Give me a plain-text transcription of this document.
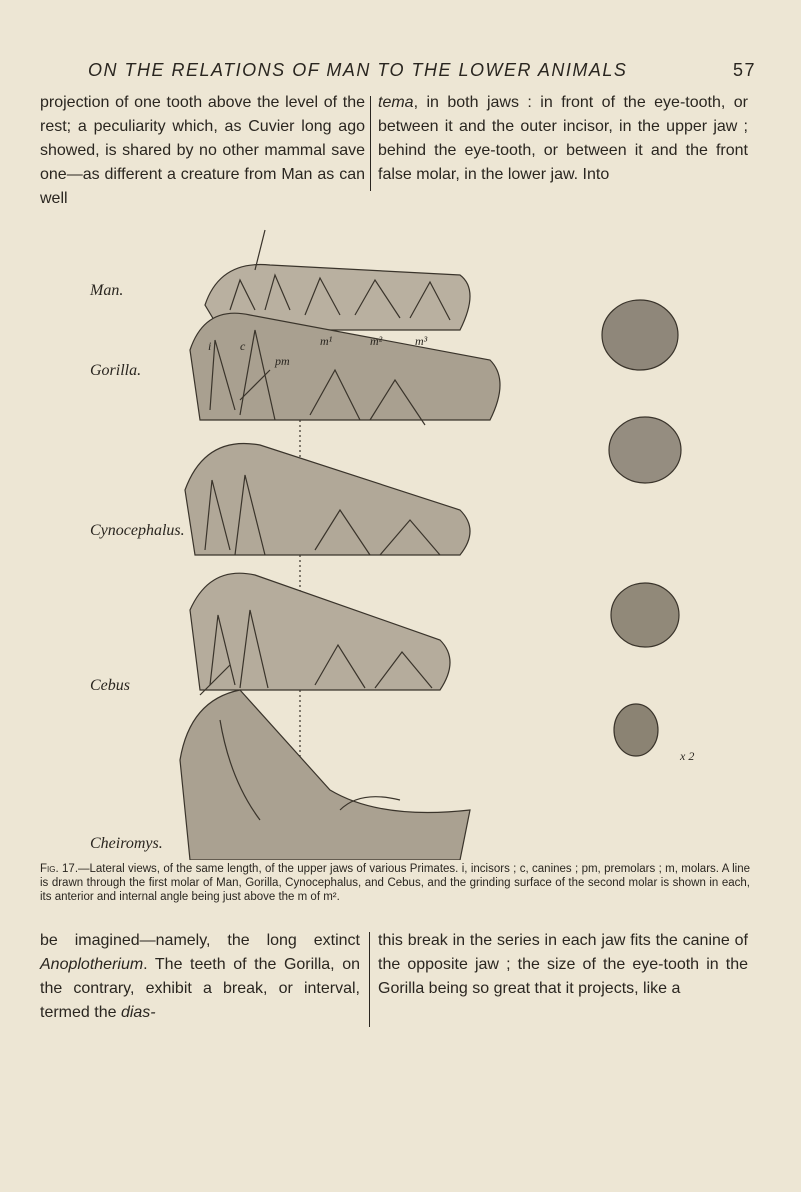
ON THE RELATIONS OF MAN TO THE LOWER ANIMALS	57
projection of one tooth above the level of the rest; a peculiarity which, as Cuvier long ago showed, is shared by no other mammal save one—as different a creature from Man as can well
tema, in both jaws : in front of the eye-tooth, or between it and the outer incisor, in the upper jaw ; behind the eye-tooth, or between it and the front false molar, in the lower jaw. Into
Man.
Gorilla.
Cynocephalus.
Cebus
Cheiromys.
i c
pm
m¹	m²	m³
x 2
Fig. 17.—Lateral views, of the same length, of the upper jaws of various Primates. i, incisors ; c, canines ; pm, premolars ; m, molars. A line is drawn through the first molar of Man, Gorilla, Cynocephalus, and Cebus, and the grinding surface of the second molar is shown in each, its anterior and internal angle being just above the m of m².
be imagined—namely, the long extinct Anoplotherium. The teeth of the Gorilla, on the contrary, exhibit a break, or interval, termed the dias-
this break in the series in each jaw fits the canine of the opposite jaw ; the size of the eye-tooth in the Gorilla being so great that it projects, like a
